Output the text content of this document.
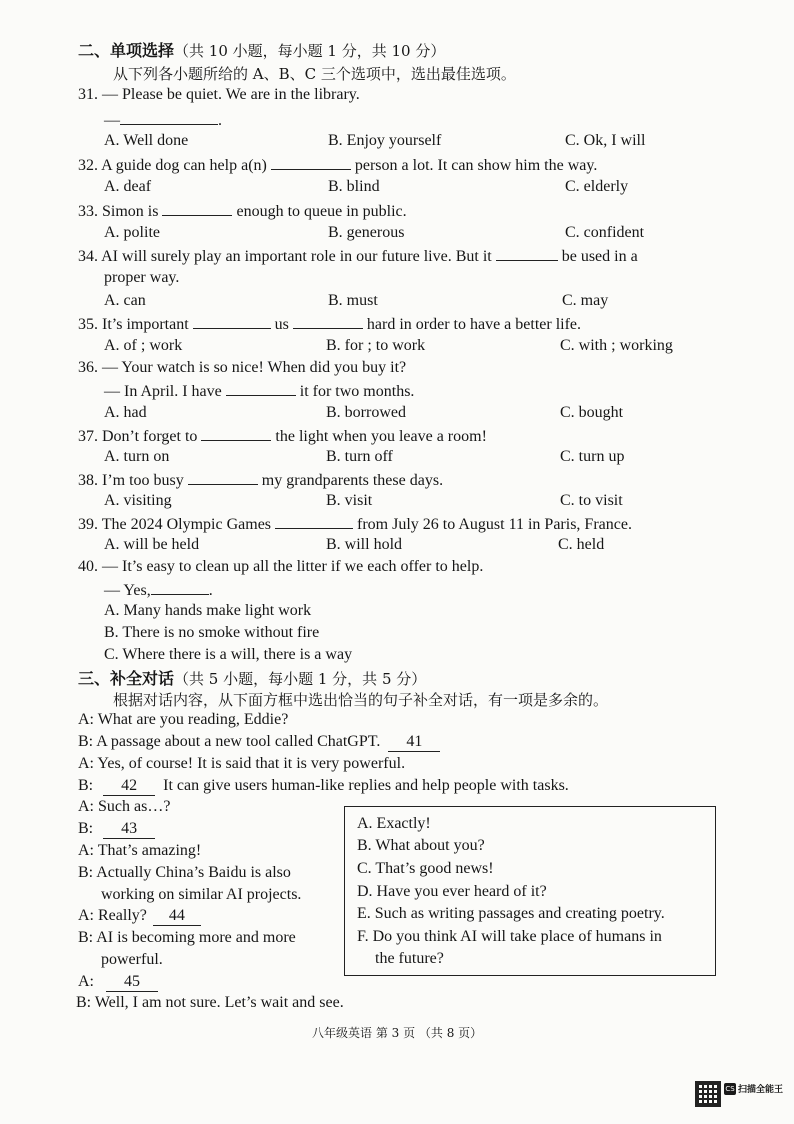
二、单项选择（共 10 小题，每小题 1 分，共 10 分）
从下列各小题所给的 A、B、C 三个选项中，选出最佳选项。
31. — Please be quiet. We are in the library.
—	.
A. Well done	B. Enjoy yourself	C. Ok, I will
32. A guide dog can help a(n)	person a lot. It can show him the way.
A. deaf	B. blind	C. elderly
33. Simon is	enough to queue in public.
A. polite	B. generous	C. confident
34. AI will surely play an important role in our future live. But it	be used in a
proper way.
A. can	B. must	C. may
35. It’s important	us	hard in order to have a better life.
A. of ; work	B. for ; to work	C. with ; working
36. — Your watch is so nice! When did you buy it?
— In April. I have	it for two months.
A. had	B. borrowed	C. bought
37. Don’t forget to	the light when you leave a room!
A. turn on	B. turn off	C. turn up
38. I’m too busy	my grandparents these days.
A. visiting	B. visit	C. to visit
39. The 2024 Olympic Games	from July 26 to August 11 in Paris, France.
A. will be held	B. will hold	C. held
40. — It’s easy to clean up all the litter if we each offer to help.
— Yes,	.
A. Many hands make light work
B. There is no smoke without fire
C. Where there is a will, there is a way
三、补全对话（共 5 小题，每小题 1 分，共 5 分）
根据对话内容，从下面方框中选出恰当的句子补全对话，有一项是多余的。
A: What are you reading, Eddie?
B: A passage about a new tool called ChatGPT. 41
A: Yes, of course! It is said that it is very powerful.
B: 42 It can give users human-like replies and help people with tasks.
A: Such as…?
B: 43
A: That’s amazing!
B: Actually China’s Baidu is also
working on similar AI projects.
A: Really? 44
B: AI is becoming more and more
powerful.
A: 45
B: Well, I am not sure. Let’s wait and see.
A. Exactly!
B. What about you?
C. That’s good news!
D. Have you ever heard of it?
E. Such as writing passages and creating poetry.
F. Do you think AI will take place of humans in
the future?
八年级英语 第 3 页 （共 8 页）
CS 扫描全能王
